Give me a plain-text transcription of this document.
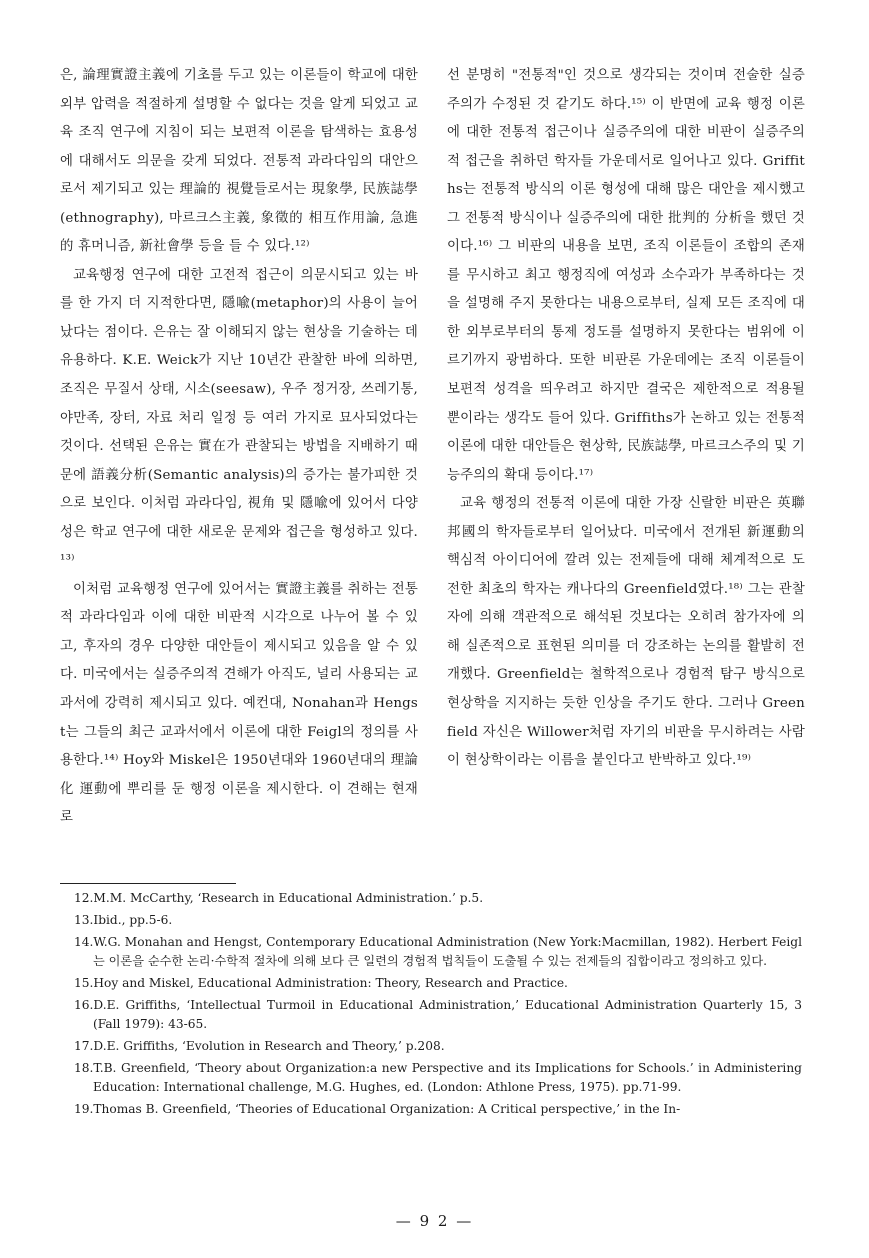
은, 論理實證主義에 기초를 두고 있는 이론들이 학교에 대한 외부 압력을 적절하게 설명할 수 없다는 것을 알게 되었고 교육 조직 연구에 지침이 되는 보편적 이론을 탐색하는 효용성에 대해서도 의문을 갖게 되었다. 전통적 과라다임의 대안으로서 제기되고 있는 理論的 視覺들로서는 現象學, 民族誌學(ethnography), 마르크스主義, 象徵的 相互作用論, 急進的 휴머니즘, 新社會學 등을 들 수 있다.¹²⁾

교육행정 연구에 대한 고전적 접근이 의문시되고 있는 바를 한 가지 더 지적한다면, 隱喩(metaphor)의 사용이 늘어났다는 점이다. 은유는 잘 이해되지 않는 현상을 기술하는 데 유용하다. K.E. Weick가 지난 10년간 관찰한 바에 의하면, 조직은 무질서 상태, 시소(seesaw), 우주 정거장, 쓰레기통, 야만족, 장터, 자료 처리 일정 등 여러 가지로 묘사되었다는 것이다. 선택된 은유는 實在가 관찰되는 방법을 지배하기 때문에 語義分析(Semantic analysis)의 증가는 불가피한 것으로 보인다. 이처럼 과라다임, 視角 및 隱喩에 있어서 다양성은 학교 연구에 대한 새로운 문제와 접근을 형성하고 있다.¹³⁾

이처럼 교육행정 연구에 있어서는 實證主義를 취하는 전통적 과라다임과 이에 대한 비판적 시각으로 나누어 볼 수 있고, 후자의 경우 다양한 대안들이 제시되고 있음을 알 수 있다. 미국에서는 실증주의적 견해가 아직도, 널리 사용되는 교과서에 강력히 제시되고 있다. 예컨대, Nonahan과 Hengst는 그들의 최근 교과서에서 이론에 대한 Feigl의 정의를 사용한다.¹⁴⁾ Hoy와 Miskel은 1950년대와 1960년대의 理論化 運動에 뿌리를 둔 행정 이론을 제시한다. 이 견해는 현재로

선 분명히 "전통적"인 것으로 생각되는 것이며 전술한 실증주의가 수정된 것 같기도 하다.¹⁵⁾ 이 반면에 교육 행정 이론에 대한 전통적 접근이나 실증주의에 대한 비판이 실증주의적 접근을 취하던 학자들 가운데서로 일어나고 있다. Griffiths는 전통적 방식의 이론 형성에 대해 많은 대안을 제시했고 그 전통적 방식이나 실증주의에 대한 批判的 分析을 했던 것이다.¹⁶⁾ 그 비판의 내용을 보면, 조직 이론들이 조합의 존재를 무시하고 최고 행정직에 여성과 소수과가 부족하다는 것을 설명해 주지 못한다는 내용으로부터, 실제 모든 조직에 대한 외부로부터의 통제 정도를 설명하지 못한다는 범위에 이르기까지 광범하다. 또한 비판론 가운데에는 조직 이론들이 보편적 성격을 띄우려고 하지만 결국은 제한적으로 적용될 뿐이라는 생각도 들어 있다. Griffiths가 논하고 있는 전통적 이론에 대한 대안들은 현상학, 民族誌學, 마르크스주의 및 기능주의의 확대 등이다.¹⁷⁾

교육 행정의 전통적 이론에 대한 가장 신랄한 비판은 英聯邦國의 학자들로부터 일어났다. 미국에서 전개된 新運動의 핵심적 아이디어에 깔려 있는 전제들에 대해 체계적으로 도전한 최초의 학자는 캐나다의 Greenfield였다.¹⁸⁾ 그는 관찰자에 의해 객관적으로 해석된 것보다는 오히려 참가자에 의해 실존적으로 표현된 의미를 더 강조하는 논의를 활발히 전개했다. Greenfield는 철학적으로나 경험적 탐구 방식으로 현상학을 지지하는 듯한 인상을 주기도 한다. 그러나 Greenfield 자신은 Willower처럼 자기의 비판을 무시하려는 사람이 현상학이라는 이름을 붙인다고 반박하고 있다.¹⁹⁾

12.M.M. McCarthy, ‘Research in Educational Administration.’ p.5.

13.Ibid., pp.5-6.

14.W.G. Monahan and Hengst, Contemporary Educational Administration (New York:Macmillan, 1982). Herbert Feigl는 이론을 순수한 논리·수학적 절차에 의해 보다 큰 일련의 경험적 법칙들이 도출될 수 있는 전제들의 집합이라고 정의하고 있다.

15.Hoy and Miskel, Educational Administration: Theory, Research and Practice.

16.D.E. Griffiths, ‘Intellectual Turmoil in Educational Administration,’ Educational Administration Quarterly 15, 3 (Fall 1979): 43-65.

17.D.E. Griffiths, ‘Evolution in Research and Theory,’ p.208.

18.T.B. Greenfield, ‘Theory about Organization:a new Perspective and its Implications for Schools.’ in Administering Education: International challenge, M.G. Hughes, ed. (London: Athlone Press, 1975). pp.71-99.

19.Thomas B. Greenfield, ‘Theories of Educational Organization: A Critical perspective,’ in the In-

— 9 2 —
